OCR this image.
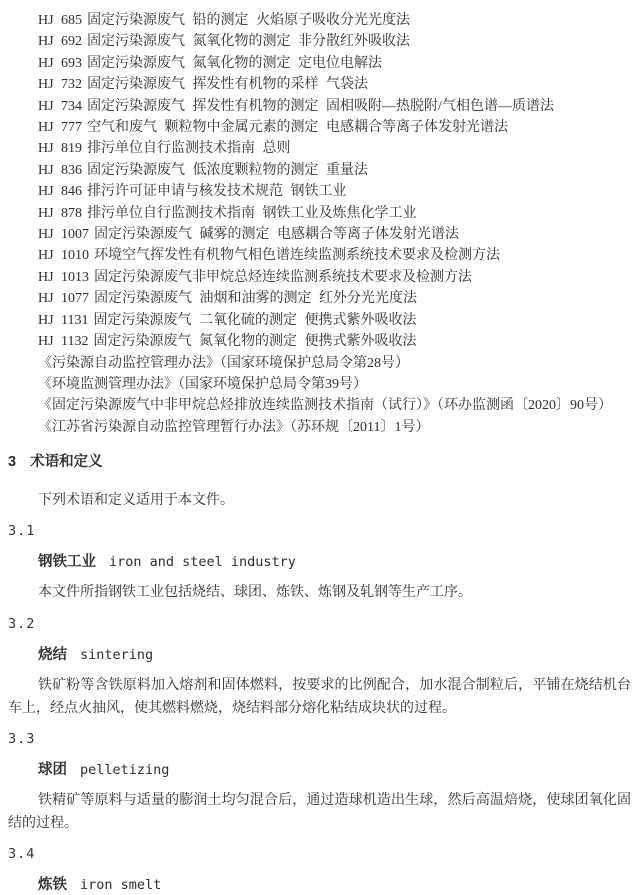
HJ 685 固定污染源废气 铅的测定 火焰原子吸收分光光度法
HJ 692 固定污染源废气 氮氧化物的测定 非分散红外吸收法
HJ 693 固定污染源废气 氮氧化物的测定 定电位电解法
HJ 732 固定污染源废气 挥发性有机物的采样 气袋法
HJ 734 固定污染源废气 挥发性有机物的测定 固相吸附—热脱附/气相色谱—质谱法
HJ 777 空气和废气 颗粒物中金属元素的测定 电感耦合等离子体发射光谱法
HJ 819 排污单位自行监测技术指南 总则
HJ 836 固定污染源废气 低浓度颗粒物的测定 重量法
HJ 846 排污许可证申请与核发技术规范 钢铁工业
HJ 878 排污单位自行监测技术指南 钢铁工业及炼焦化学工业
HJ 1007 固定污染源废气 碱雾的测定 电感耦合等离子体发射光谱法
HJ 1010 环境空气挥发性有机物气相色谱连续监测系统技术要求及检测方法
HJ 1013 固定污染源废气非甲烷总烃连续监测系统技术要求及检测方法
HJ 1077 固定污染源废气 油烟和油雾的测定 红外分光光度法
HJ 1131 固定污染源废气 二氧化硫的测定 便携式紫外吸收法
HJ 1132 固定污染源废气 氮氧化物的测定 便携式紫外吸收法
《污染源自动监控管理办法》（国家环境保护总局令第28号）
《环境监测管理办法》（国家环境保护总局令第39号）
《固定污染源废气中非甲烷总烃排放连续监测技术指南（试行）》（环办监测函〔2020〕90号）
《江苏省污染源自动监控管理暂行办法》（苏环规〔2011〕1号）
3 术语和定义

下列术语和定义适用于本文件。

3.1
钢铁工业 iron and steel industry

本文件所指钢铁工业包括烧结、球团、炼铁、炼钢及轧钢等生产工序。

3.2
烧结 sintering

铁矿粉等含铁原料加入熔剂和固体燃料，按要求的比例配合，加水混合制粒后，平铺在烧结机台车上，经点火抽风，使其燃料燃烧，烧结料部分熔化粘结成块状的过程。

3.3
球团 pelletizing

铁精矿等原料与适量的膨润土均匀混合后，通过造球机造出生球，然后高温焙烧，使球团氧化固结的过程。

3.4
炼铁 iron smelt
